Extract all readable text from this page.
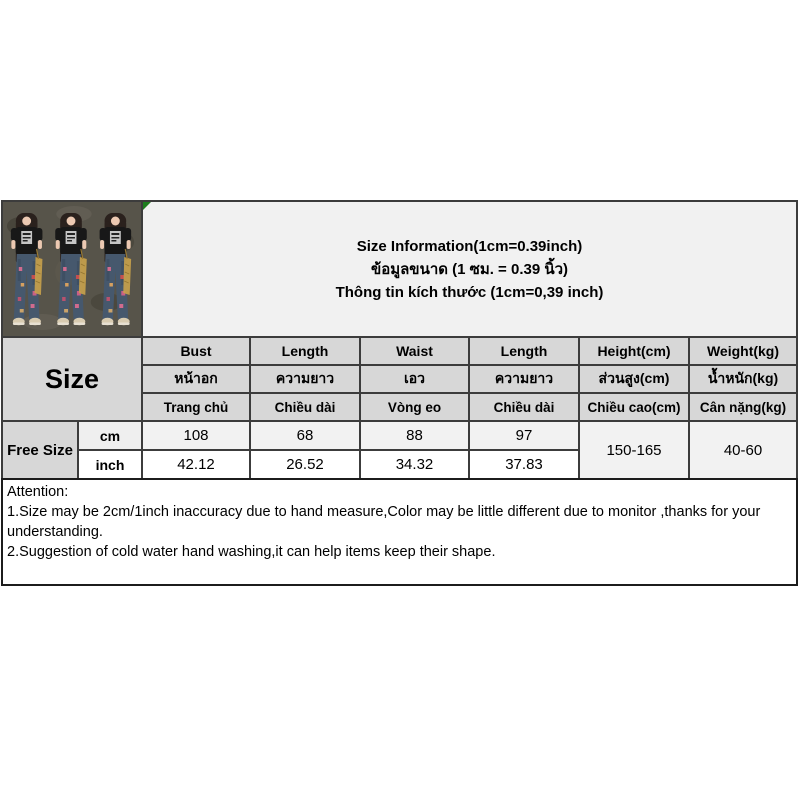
Size Information(1cm=0.39inch)
ข้อมูลขนาด (1 ซม. = 0.39 นิ้ว)
Thông tin kích thước (1cm=0,39 inch)					

Size		Bust	Length	Waist	Length	Height(cm)	Weight(kg)
		หน้าอก	ความยาว	เอว	ความยาว	ส่วนสูง(cm)	น้ำหนัก(kg)
		Trang chủ	Chiều dài	Vòng eo	Chiều dài	Chiều cao(cm)	Cân nặng(kg)
Free Size	cm	108	68	88	97	150-165	40-60
	inch	42.12	26.52	34.32	37.83		
Attention:
1.Size may be 2cm/1inch inaccuracy due to hand measure,Color may be little different due to monitor ,thanks for your understanding.
2.Suggestion of cold water hand washing,it can help items keep their shape.
